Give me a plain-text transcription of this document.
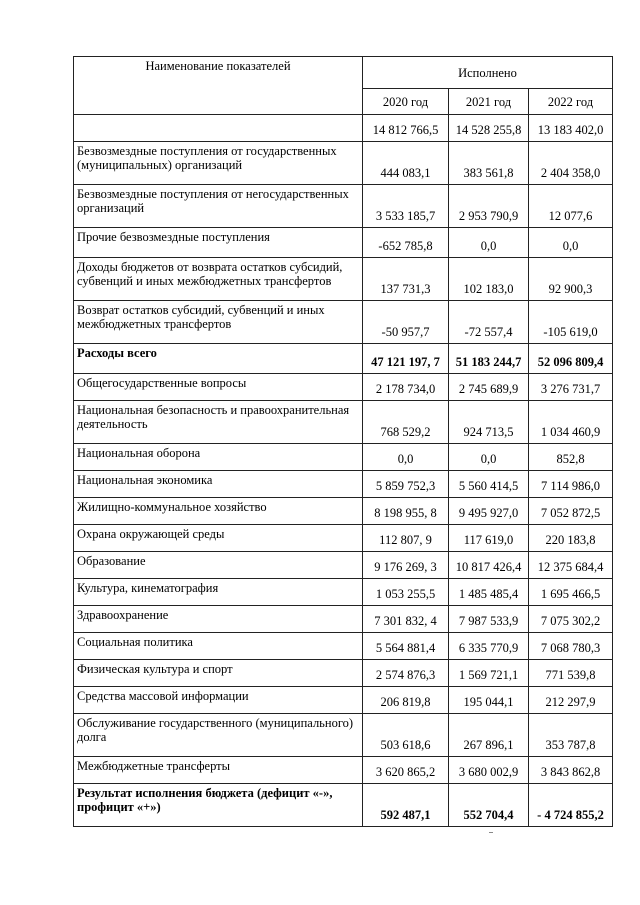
Наименование показателей	Исполнено		
	2020 год	2021 год	2022 год
	14 812 766,5	14 528 255,8	13 183 402,0
Безвозмездные поступления от государственных (муниципальных) организаций	444 083,1	383 561,8	2 404 358,0
Безвозмездные поступления от негосударственных организаций	3 533 185,7	2 953 790,9	12 077,6
Прочие безвозмездные поступления	-652 785,8	0,0	0,0
Доходы бюджетов от возврата остатков субсидий, субвенций и иных межбюджетных трансфертов	137 731,3	102 183,0	92 900,3
Возврат остатков субсидий, субвенций и иных межбюджетных трансфертов	-50 957,7	-72 557,4	-105 619,0
Расходы всего	47 121 197, 7	51 183 244,7	52 096 809,4
Общегосударственные вопросы	2 178 734,0	2 745 689,9	3 276 731,7
Национальная безопасность и правоохранительная деятельность	768 529,2	924 713,5	1 034 460,9
Национальная оборона	0,0	0,0	852,8
Национальная экономика	5 859 752,3	5 560 414,5	7 114 986,0
Жилищно-коммунальное хозяйство	8 198 955, 8	9 495 927,0	7 052 872,5
Охрана окружающей среды	112 807, 9	117 619,0	220 183,8
Образование	9 176 269, 3	10 817 426,4	12 375 684,4
Культура, кинематография	1 053 255,5	1 485 485,4	1 695 466,5
Здравоохранение	7 301 832, 4	7 987 533,9	7 075 302,2
Социальная политика	5 564 881,4	6 335 770,9	7 068 780,3
Физическая культура и спорт	2 574 876,3	1 569 721,1	771 539,8
Средства массовой информации	206 819,8	195 044,1	212 297,9
Обслуживание государственного (муниципального) долга	503 618,6	267 896,1	353 787,8
Межбюджетные трансферты	3 620 865,2	3 680 002,9	3 843 862,8
Результат исполнения бюджета (дефицит «-», профицит «+»)	592 487,1	552 704,4	- 4 724 855,2
